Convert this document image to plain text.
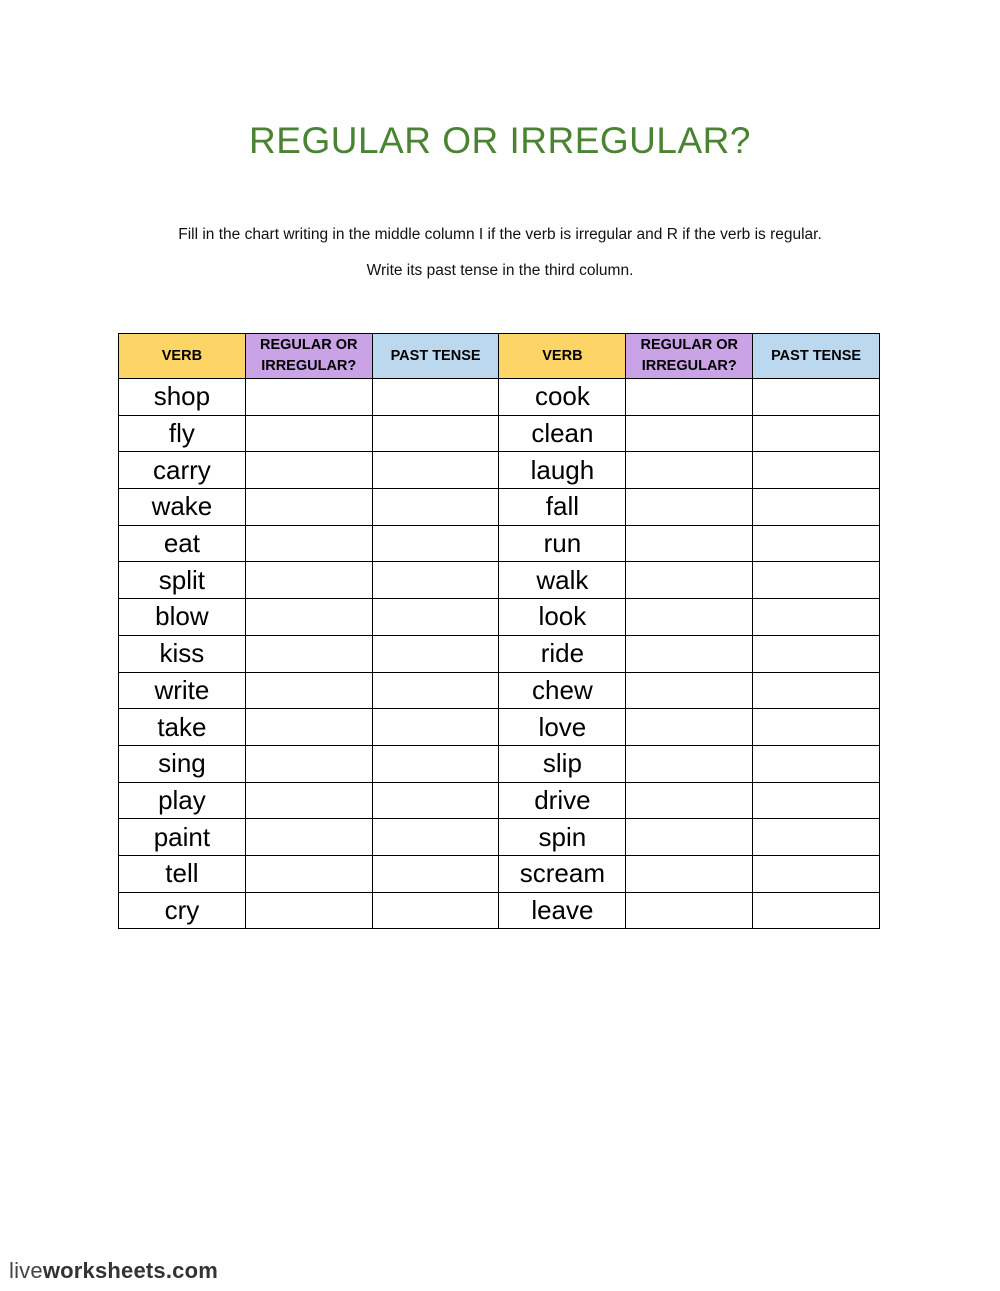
REGULAR OR IRREGULAR?
Fill in the chart writing in the middle column I if the verb is irregular and R if the verb is regular.
Write its past tense in the third column.
VERB	REGULAR OR IRREGULAR?	PAST TENSE	VERB	REGULAR OR IRREGULAR?	PAST TENSE
shop			cook		
fly			clean		
carry			laugh		
wake			fall		
eat			run		
split			walk		
blow			look		
kiss			ride		
write			chew		
take			love		
sing			slip		
play			drive		
paint			spin		
tell			scream		
cry			leave		
liveworksheets.com
